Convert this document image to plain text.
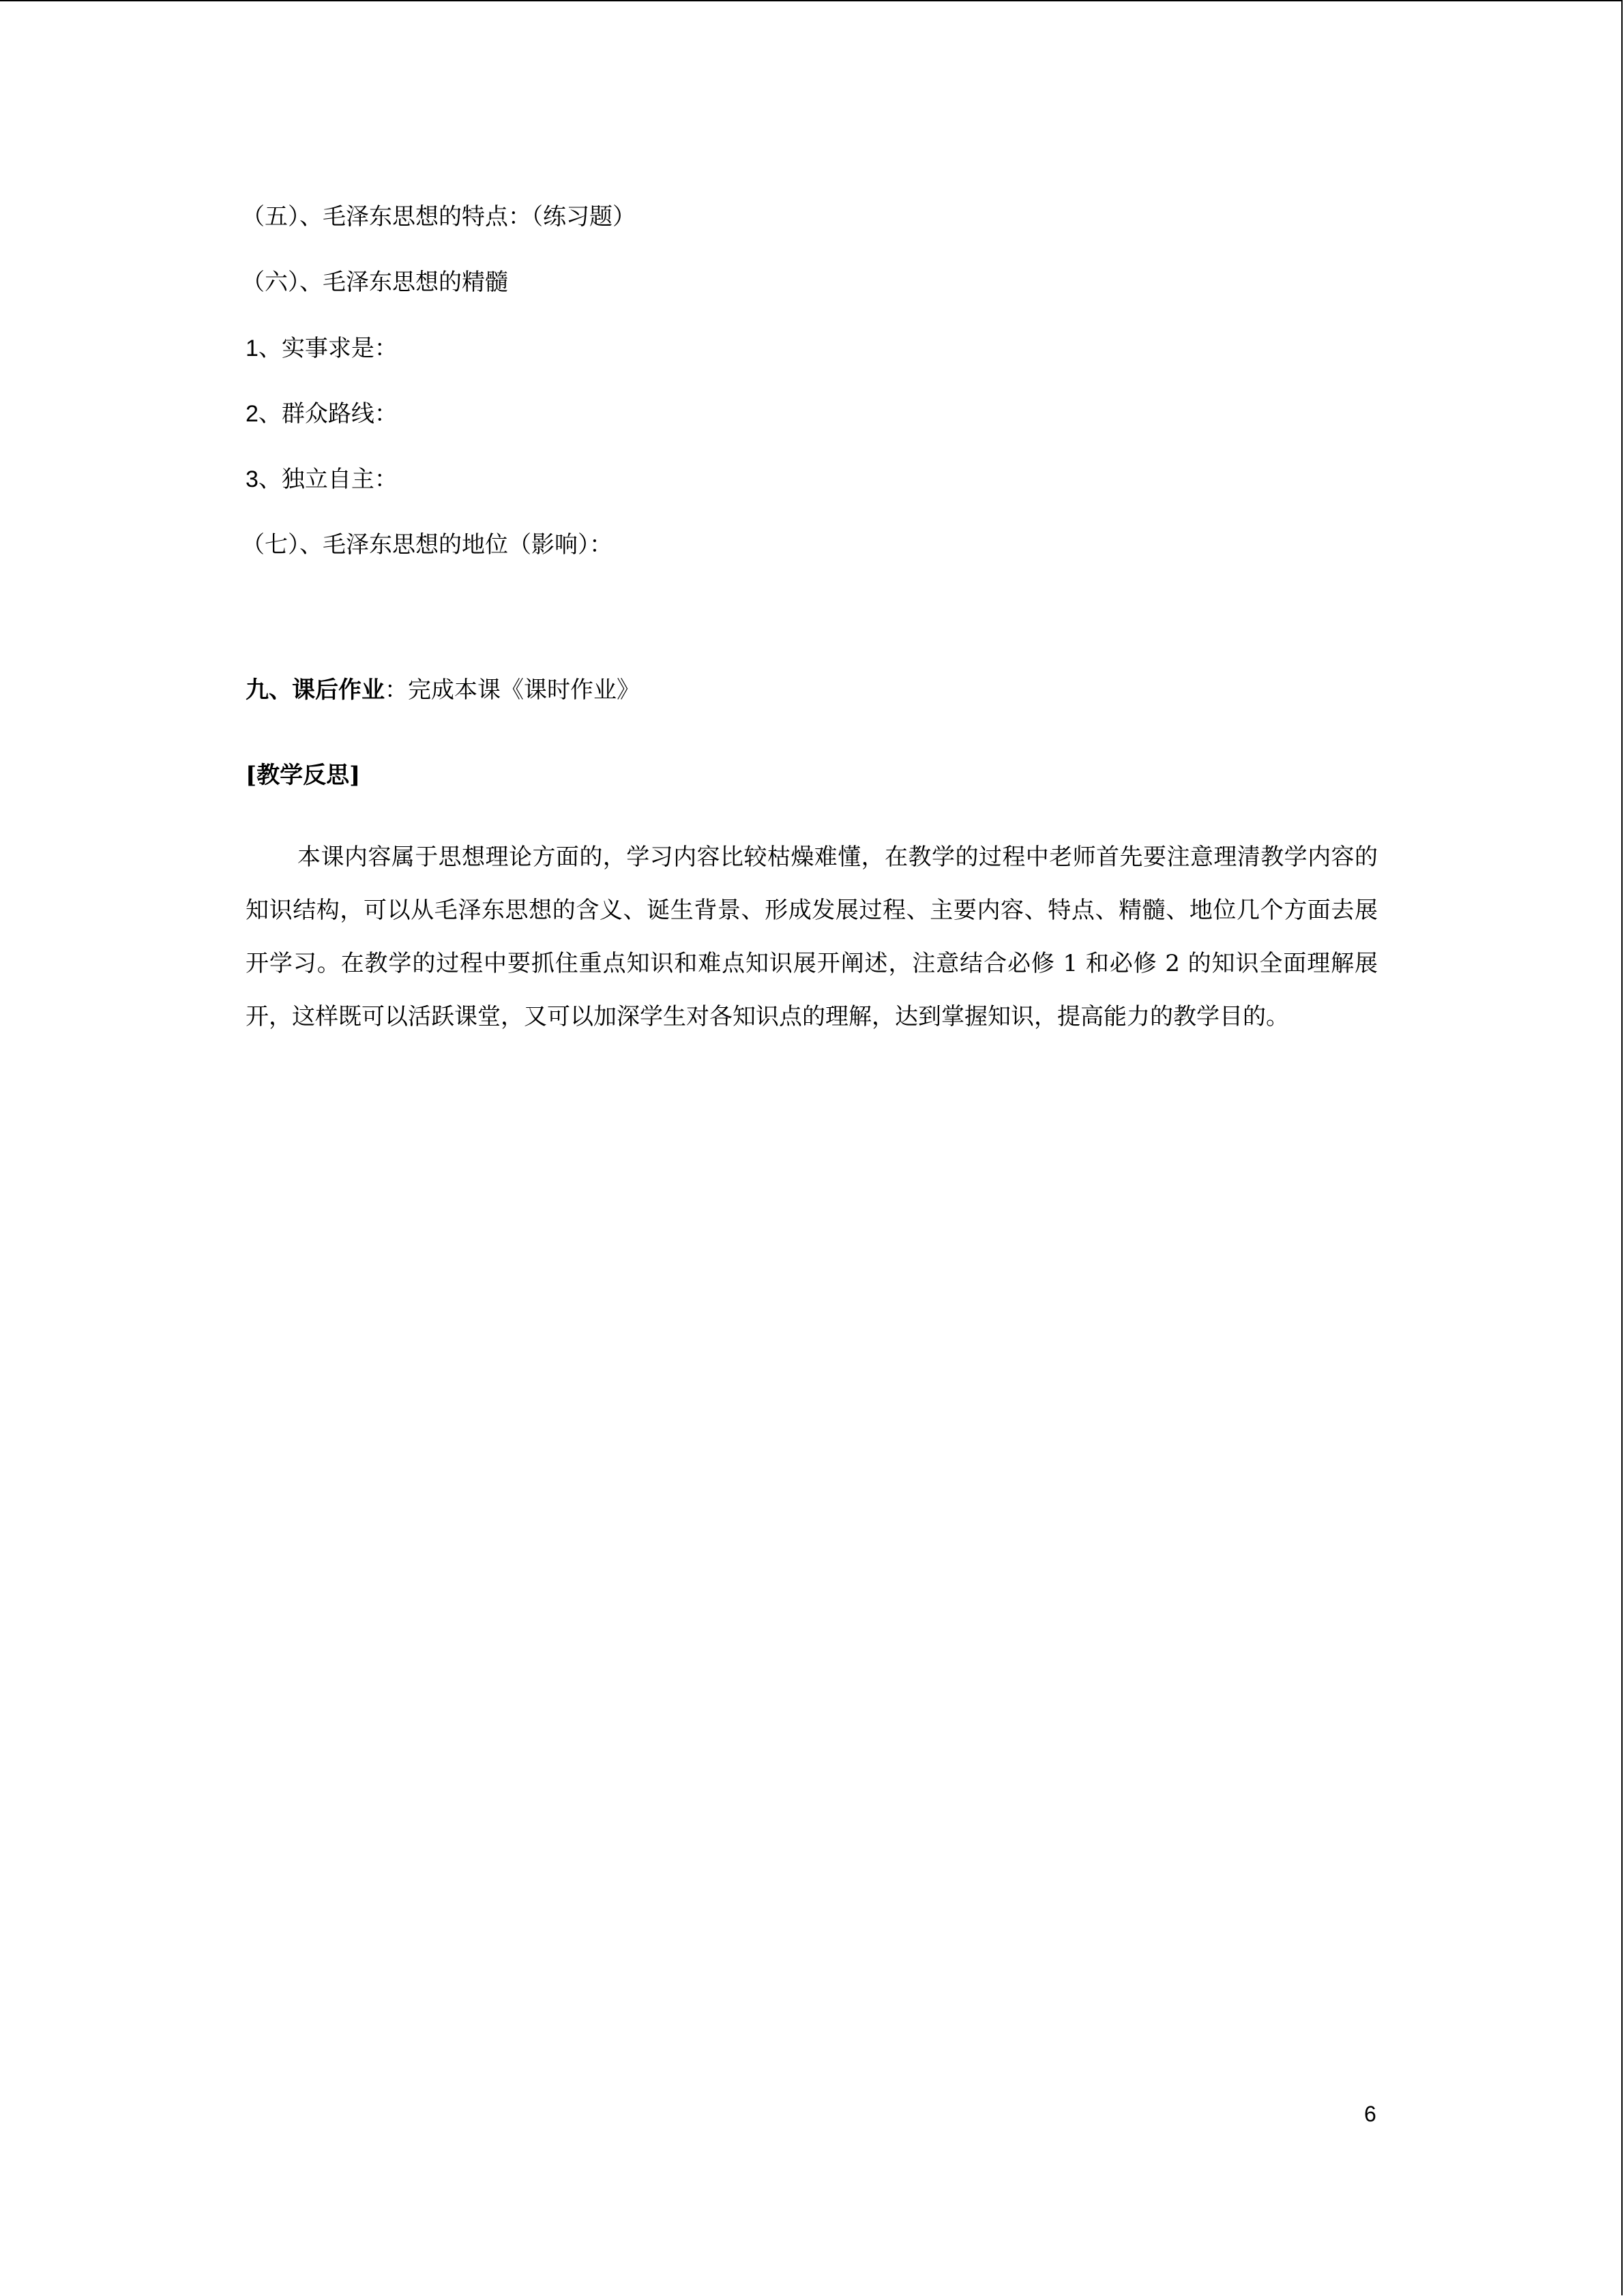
（五）、毛泽东思想的特点：（练习题）

（六）、毛泽东思想的精髓

1、实事求是：

2、群众路线：

3、独立自主：

（七）、毛泽东思想的地位（影响）：

九、课后作业：完成本课《课时作业》

[教学反思]

本课内容属于思想理论方面的，学习内容比较枯燥难懂，在教学的过程中老师首先要注意理清教学内容的知识结构，可以从毛泽东思想的含义、诞生背景、形成发展过程、主要内容、特点、精髓、地位几个方面去展开学习。在教学的过程中要抓住重点知识和难点知识展开阐述，注意结合必修 1 和必修 2 的知识全面理解展开，这样既可以活跃课堂，又可以加深学生对各知识点的理解，达到掌握知识，提高能力的教学目的。

6
